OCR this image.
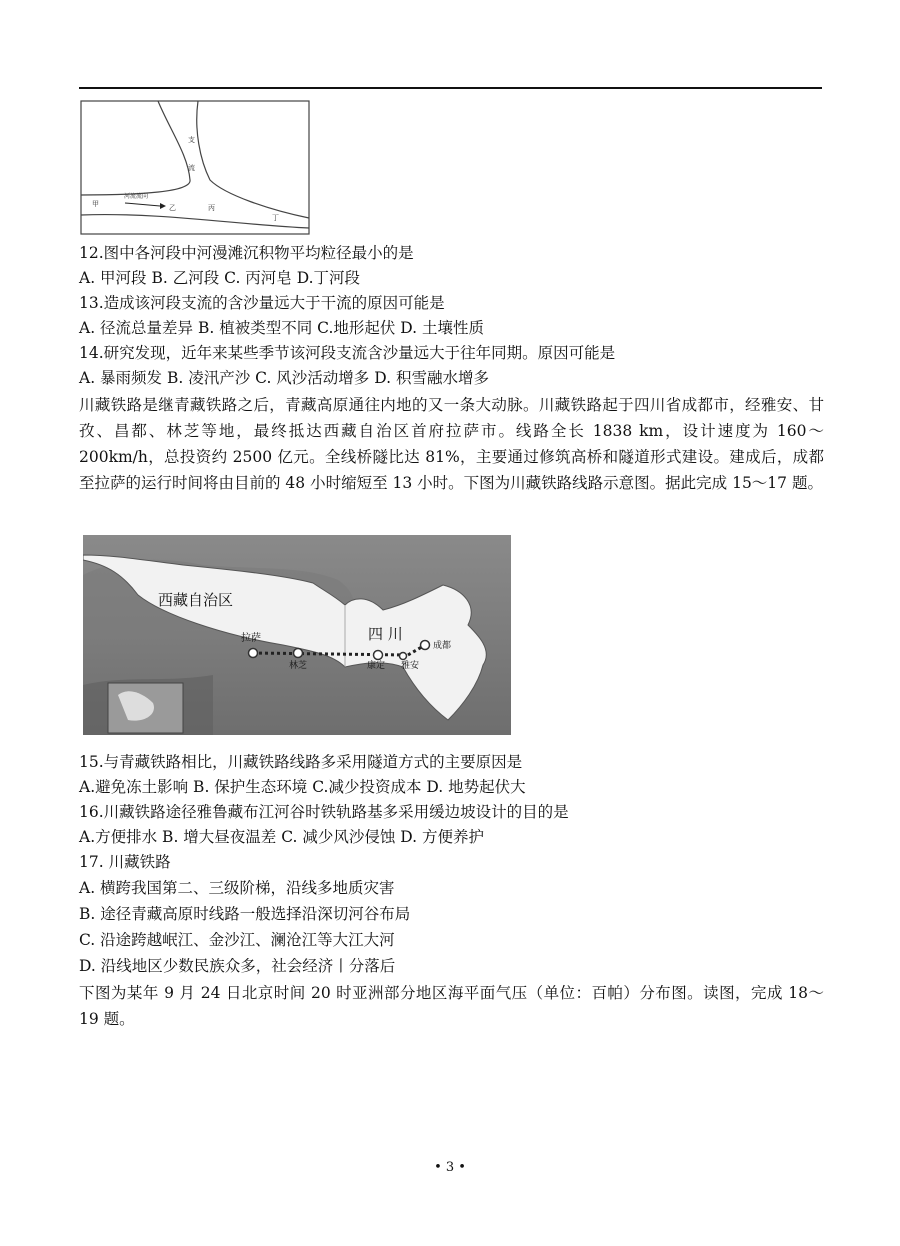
支
流
河流流向
甲	乙	丙
丁
12.图中各河段中河漫滩沉积物平均粒径最小的是
A. 甲河段 B. 乙河段 C. 丙河皂 D.丁河段
13.造成该河段支流的含沙量远大于干流的原因可能是
A. 径流总量差异 B. 植被类型不同 C.地形起伏 D. 土壤性质
14.研究发现，近年来某些季节该河段支流含沙量远大于往年同期。原因可能是
A. 暴雨频发 B. 凌汛产沙 C. 风沙活动增多 D. 积雪融水增多
川藏铁路是继青藏铁路之后，青藏高原通往内地的又一条大动脉。川藏铁路起于四川省成都市，经雅安、甘孜、昌都、林芝等地，最终抵达西藏自治区首府拉萨市。线路全长 1838 km，设计速度为 160～200km/h，总投资约 2500 亿元。全线桥隧比达 81%，主要通过修筑高桥和隧道形式建设。建成后，成都至拉萨的运行时间将由目前的 48 小时缩短至 13 小时。下图为川藏铁路线路示意图。据此完成 15～17 题。
西藏自治区
四 川
拉萨
林芝	康定 雅安
成都
15.与青藏铁路相比，川藏铁路线路多采用隧道方式的主要原因是
A.避免冻土影响 B. 保护生态环境 C.减少投资成本 D. 地势起伏大
16.川藏铁路途径雅鲁藏布江河谷时铁轨路基多采用缓边坡设计的目的是
A.方便排水 B. 增大昼夜温差 C. 减少风沙侵蚀 D. 方便养护
17. 川藏铁路
A. 横跨我国第二、三级阶梯，沿线多地质灾害
B. 途径青藏高原时线路一般选择沿深切河谷布局
C. 沿途跨越岷江、金沙江、澜沧江等大江大河
D. 沿线地区少数民族众多，社会经济丨分落后
下图为某年 9 月 24 日北京时间 20 时亚洲部分地区海平面气压（单位：百帕）分布图。读图，完成 18～ 19 题。
• 3 •
